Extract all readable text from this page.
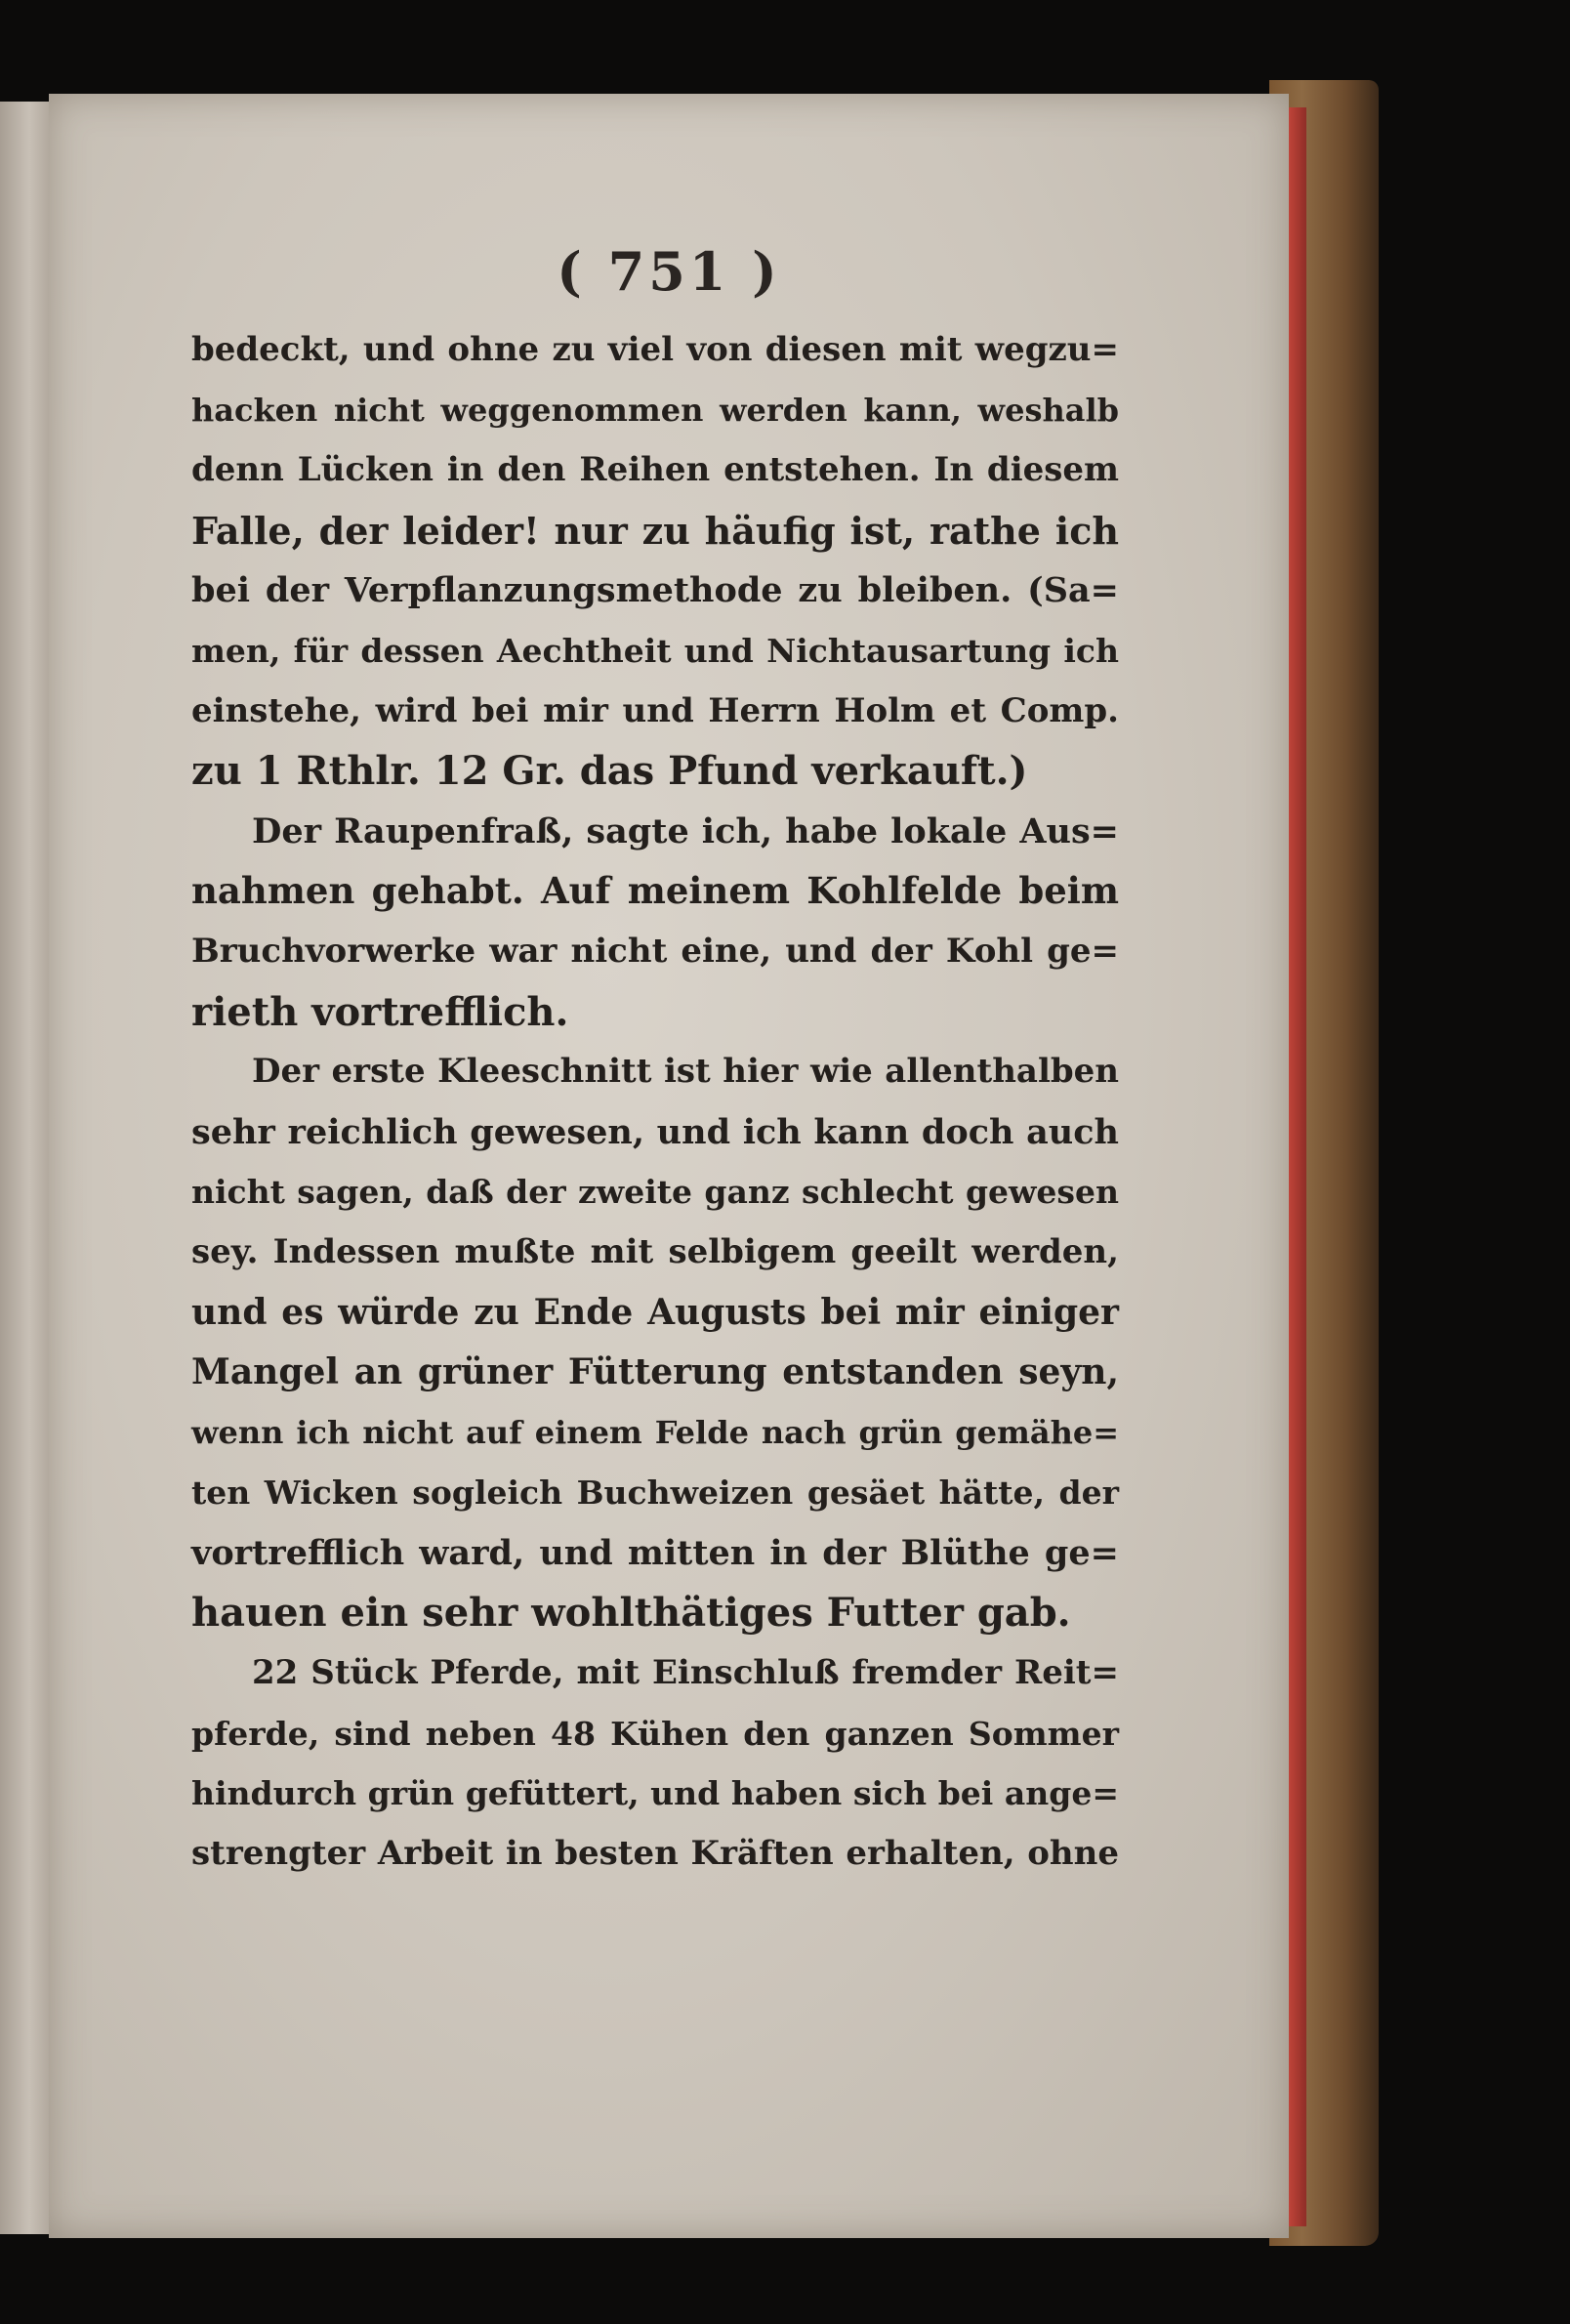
( 751 )
bedeckt, und ohne zu viel von diesen mit wegzu=
hacken nicht weggenommen werden kann, weshalb
denn Lücken in den Reihen entstehen. In diesem
Falle, der leider! nur zu häufig ist, rathe ich
bei der Verpflanzungsmethode zu bleiben. (Sa=
men, für dessen Aechtheit und Nichtausartung ich
einstehe, wird bei mir und Herrn Holm et Comp.
zu 1 Rthlr. 12 Gr. das Pfund verkauft.)
Der Raupenfraß, sagte ich, habe lokale Aus=
nahmen gehabt. Auf meinem Kohlfelde beim
Bruchvorwerke war nicht eine, und der Kohl ge=
rieth vortrefflich.
Der erste Kleeschnitt ist hier wie allenthalben
sehr reichlich gewesen, und ich kann doch auch
nicht sagen, daß der zweite ganz schlecht gewesen
sey. Indessen mußte mit selbigem geeilt werden,
und es würde zu Ende Augusts bei mir einiger
Mangel an grüner Fütterung entstanden seyn,
wenn ich nicht auf einem Felde nach grün gemähe=
ten Wicken sogleich Buchweizen gesäet hätte, der
vortrefflich ward, und mitten in der Blüthe ge=
hauen ein sehr wohlthätiges Futter gab.
22 Stück Pferde, mit Einschluß fremder Reit=
pferde, sind neben 48 Kühen den ganzen Sommer
hindurch grün gefüttert, und haben sich bei ange=
strengter Arbeit in besten Kräften erhalten, ohne
